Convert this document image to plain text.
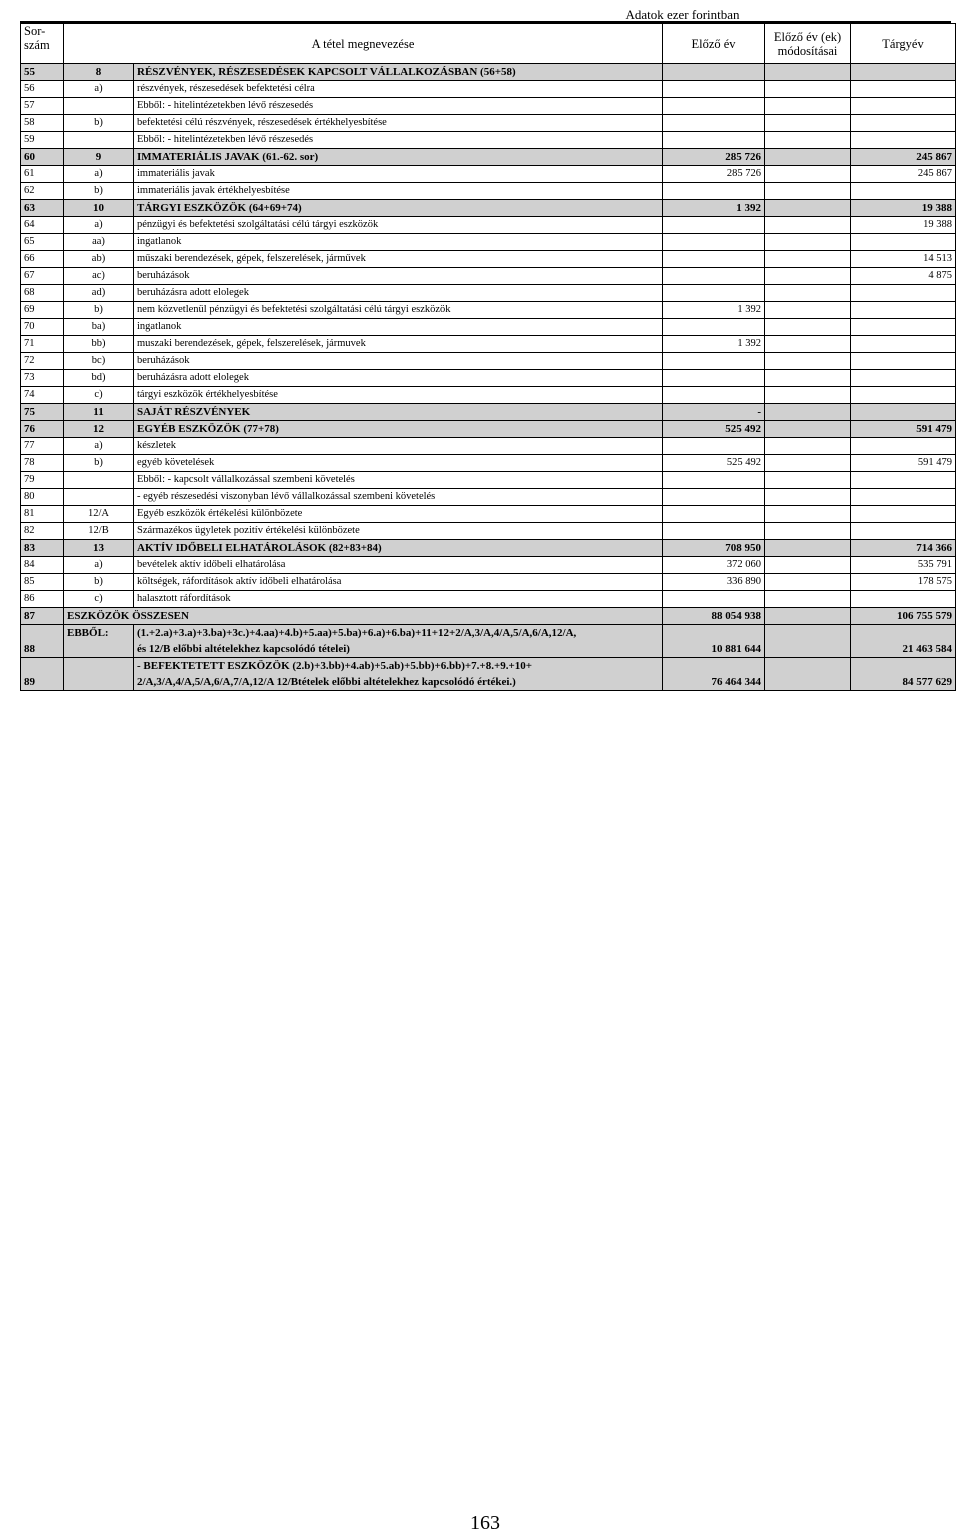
Adatok ezer forintban
Sor-
szám	A tétel megnevezése		Előző év	Előző év (ek)
módosításai	Tárgyév
55	8	RÉSZVÉNYEK, RÉSZESEDÉSEK KAPCSOLT VÁLLALKOZÁSBAN (56+58)			
56	a)	részvények, részesedések befektetési célra			
57		Ebből: - hitelintézetekben lévő részesedés			
58	b)	befektetési célú részvények, részesedések értékhelyesbítése			
59		Ebből: - hitelintézetekben lévő részesedés			
60	9	IMMATERIÁLIS JAVAK (61.-62. sor)	285 726		245 867
61	a)	immateriális javak	285 726		245 867
62	b)	immateriális javak értékhelyesbítése			
63	10	TÁRGYI ESZKÖZÖK (64+69+74)	1 392		19 388
64	a)	pénzügyi és befektetési szolgáltatási célú tárgyi eszközök			19 388
65	aa)	ingatlanok			
66	ab)	műszaki berendezések, gépek, felszerelések, járművek			14 513
67	ac)	beruházások			4 875
68	ad)	beruházásra adott elolegek			
69	b)	nem közvetlenül pénzügyi és befektetési szolgáltatási célú tárgyi eszközök	1 392		
70	ba)	ingatlanok			
71	bb)	muszaki berendezések, gépek, felszerelések, jármuvek	1 392		
72	bc)	beruházások			
73	bd)	beruházásra adott elolegek			
74	c)	tárgyi eszközök értékhelyesbítése			
75	11	SAJÁT RÉSZVÉNYEK	-		
76	12	EGYÉB ESZKÖZÖK (77+78)	525 492		591 479
77	a)	készletek			
78	b)	egyéb követelések	525 492		591 479
79		Ebből: - kapcsolt vállalkozással szembeni követelés			
80		- egyéb részesedési viszonyban lévő vállalkozással szembeni követelés			
81	12/A	Egyéb eszközök értékelési különbözete			
82	12/B	Származékos ügyletek pozitív értékelési különbözete			
83	13	AKTÍV IDŐBELI ELHATÁROLÁSOK (82+83+84)	708 950		714 366
84	a)	bevételek aktív időbeli elhatárolása	372 060		535 791
85	b)	költségek, ráfordítások aktív időbeli elhatárolása	336 890		178 575
86	c)	halasztott ráfordítások			
87	ESZKÖZÖK ÖSSZESEN		88 054 938		106 755 579
88	EBBŐL:	(1.+2.a)+3.a)+3.ba)+3c.)+4.aa)+4.b)+5.aa)+5.ba)+6.a)+6.ba)+11+12+2/A,3/A,4/A,5/A,6/A,12/A,
és 12/B előbbi altételekhez kapcsolódó tételei)	10 881 644		21 463 584
89		- BEFEKTETETT ESZKÖZÖK (2.b)+3.bb)+4.ab)+5.ab)+5.bb)+6.bb)+7.+8.+9.+10+
2/A,3/A,4/A,5/A,6/A,7/A,12/A 12/Btételek előbbi altételekhez kapcsolódó értékei.)	76 464 344		84 577 629
163
